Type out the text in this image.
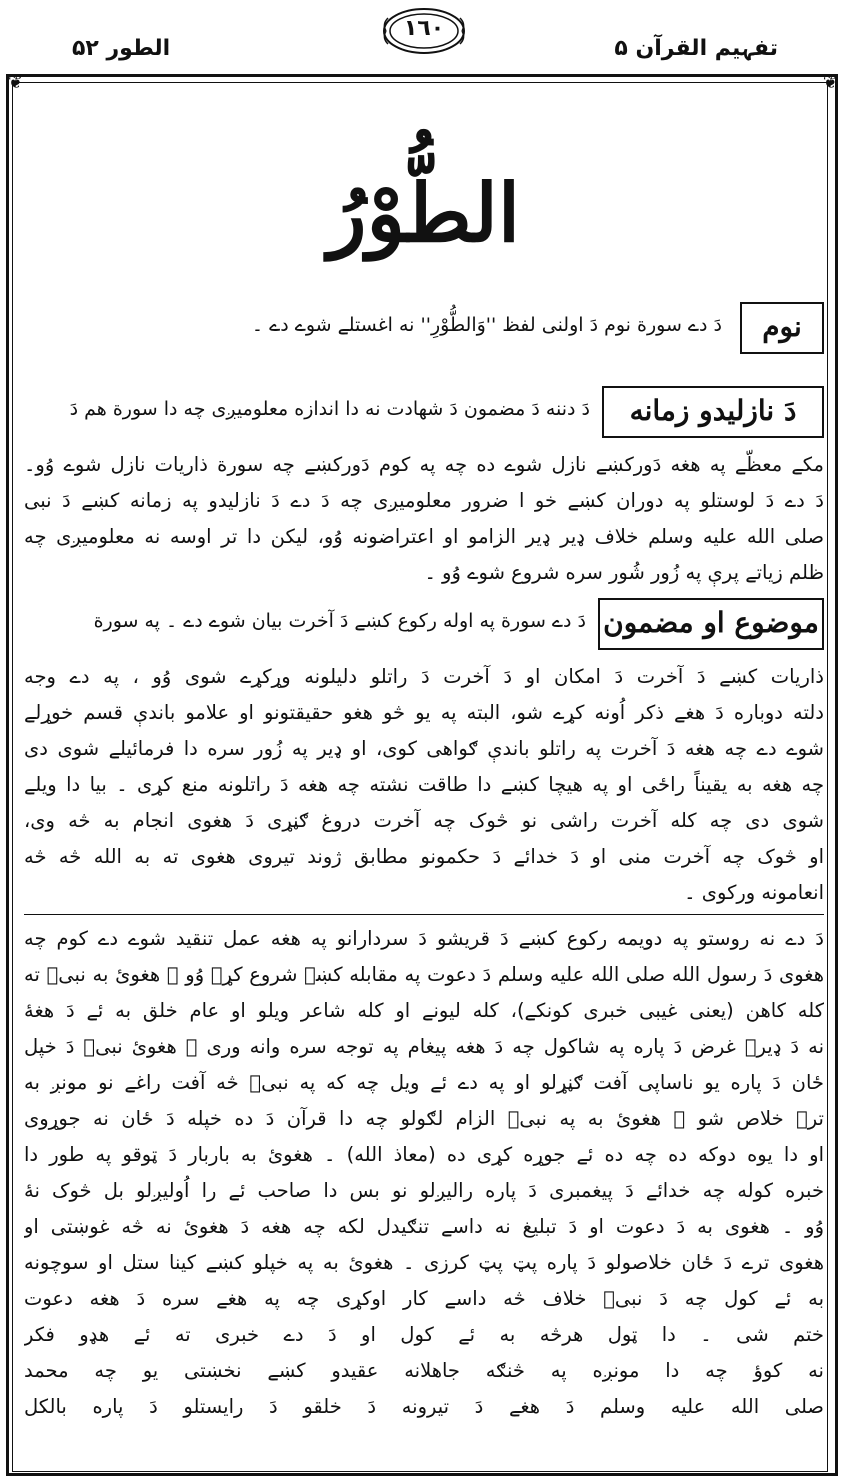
الطور ۵۲
١٦٠
تفہیم القرآن ۵
❦	❦
الطُّوْرُ
نوم
دَ دے سورة نوم دَ اولنی لفظ ''وَالطُّوْرِ'' نه اغستلے شوے دے ۔
دَ نازليدو زمانه
دَ دننه دَ مضمون دَ شهادت نه دا اندازه معلوميږی چه دا سورة هم دَ
مکے معظّے په هغه دَورکښے نازل شوے ده چه په کوم دَورکښے چه سورة ذاريات نازل شوے وُو۔
دَ دے دَ لوستلو په دوران کښے خو ا ضرور معلوميږی چه دَ دے دَ نازليدو په زمانه کښے دَ نبی
صلی الله عليه وسلم خلاف ډير ډير الزامو او اعتراضونه وُو، ليکن دا تر اوسه نه معلوميږی چه
ظلم زياتے پرې په زُور شُور سره شروع شوے وُو ۔
موضوع او مضمون
دَ دے سورة په اوله رکوع کښے دَ آخرت بيان شوے دے ۔ په سورة
ذاريات کښے دَ آخرت دَ امکان او دَ آخرت دَ راتلو دليلونه وړکړے شوی وُو ، په دے وجه
دلته دوباره دَ هغے ذکر اُونه کړے شو، البته په يو څو هغو حقيقتونو او علامو باندې قسم خوړلے
شوے دے چه هغه دَ آخرت په راتلو باندې ګواهی کوی، او ډير په زُور سره دا فرمائيلے شوی دی
چه هغه به يقيناً راځی او په هيچا کښے دا طاقت نشته چه هغه دَ راتلونه منع کړی ۔ بيا دا ويلے
شوی دی چه کله آخرت راشی نو څوک چه آخرت دروغ ګڼړی دَ هغوی انجام به څه وی،
او څوک چه آخرت منی او دَ خدائے دَ حکمونو مطابق ژوند تيروی هغوی ته به الله څه څه
انعامونه ورکوی ۔
دَ دے نه روستو په دويمه رکوع کښے دَ قريشو دَ سردارانو په هغه عمل تنقيد شوے دے کوم چه
هغوی دَ رسول الله صلی الله عليه وسلم دَ دعوت په مقابله کښے شروع کړے وُو ۔ هغوئ به نبیؐ ته
کله کاهن (يعنی غيبی خبری کونکے)، کله ليونے او کله شاعر ويلو او عام خلق به ئے دَ هغهٔ
نه دَ ډيرے غرض دَ پاره په شاکول چه دَ هغه پيغام په توجه سره وانه وری ۔ هغوئ نبیؐ دَ خپل
ځان دَ پاره يو ناساپی آفت ګڼړلو او په دے ئے ويل چه که په نبیؐ څه آفت راغے نو مونږ به
ترے خلاص شو ۔ هغوئ به په نبیؐ الزام لګولو چه دا قرآن دَ ده خپله دَ ځان نه جوړوی
او دا يوه دوکه ده چه ده ئے جوړه کړی ده (معاذ الله) ۔ هغوئ به باربار دَ ټوقو په طور دا
خبره کوله چه خدائے دَ پيغمبری دَ پاره راليږلو نو بس دا صاحب ئے را اُوليږلو بل څوک نهٔ
وُو ۔ هغوی به دَ دعوت او دَ تبليغ نه داسے تنګيدل لکه چه هغه دَ هغوئ نه څه غوښتی او
هغوی ترے دَ ځان خلاصولو دَ پاره پټ پټ کرزی ۔ هغوئ به په خپلو کښے کينا ستل او سوچونه
به ئے کول چه دَ نبیؐ خلاف څه داسے کار اوکړی چه په هغے سره دَ هغه دعوت
ختم شی ۔ دا ټول هرڅه به ئے کول او دَ دے خبری ته ئے هډو فکر
نه کوؤ چه دا مونږه په څنګه جاهلانه عقيدو کښے نخښتی يو چه محمد
صلی الله عليه وسلم دَ هغے دَ تيرونه دَ خلقو دَ رايستلو دَ پاره بالکل
